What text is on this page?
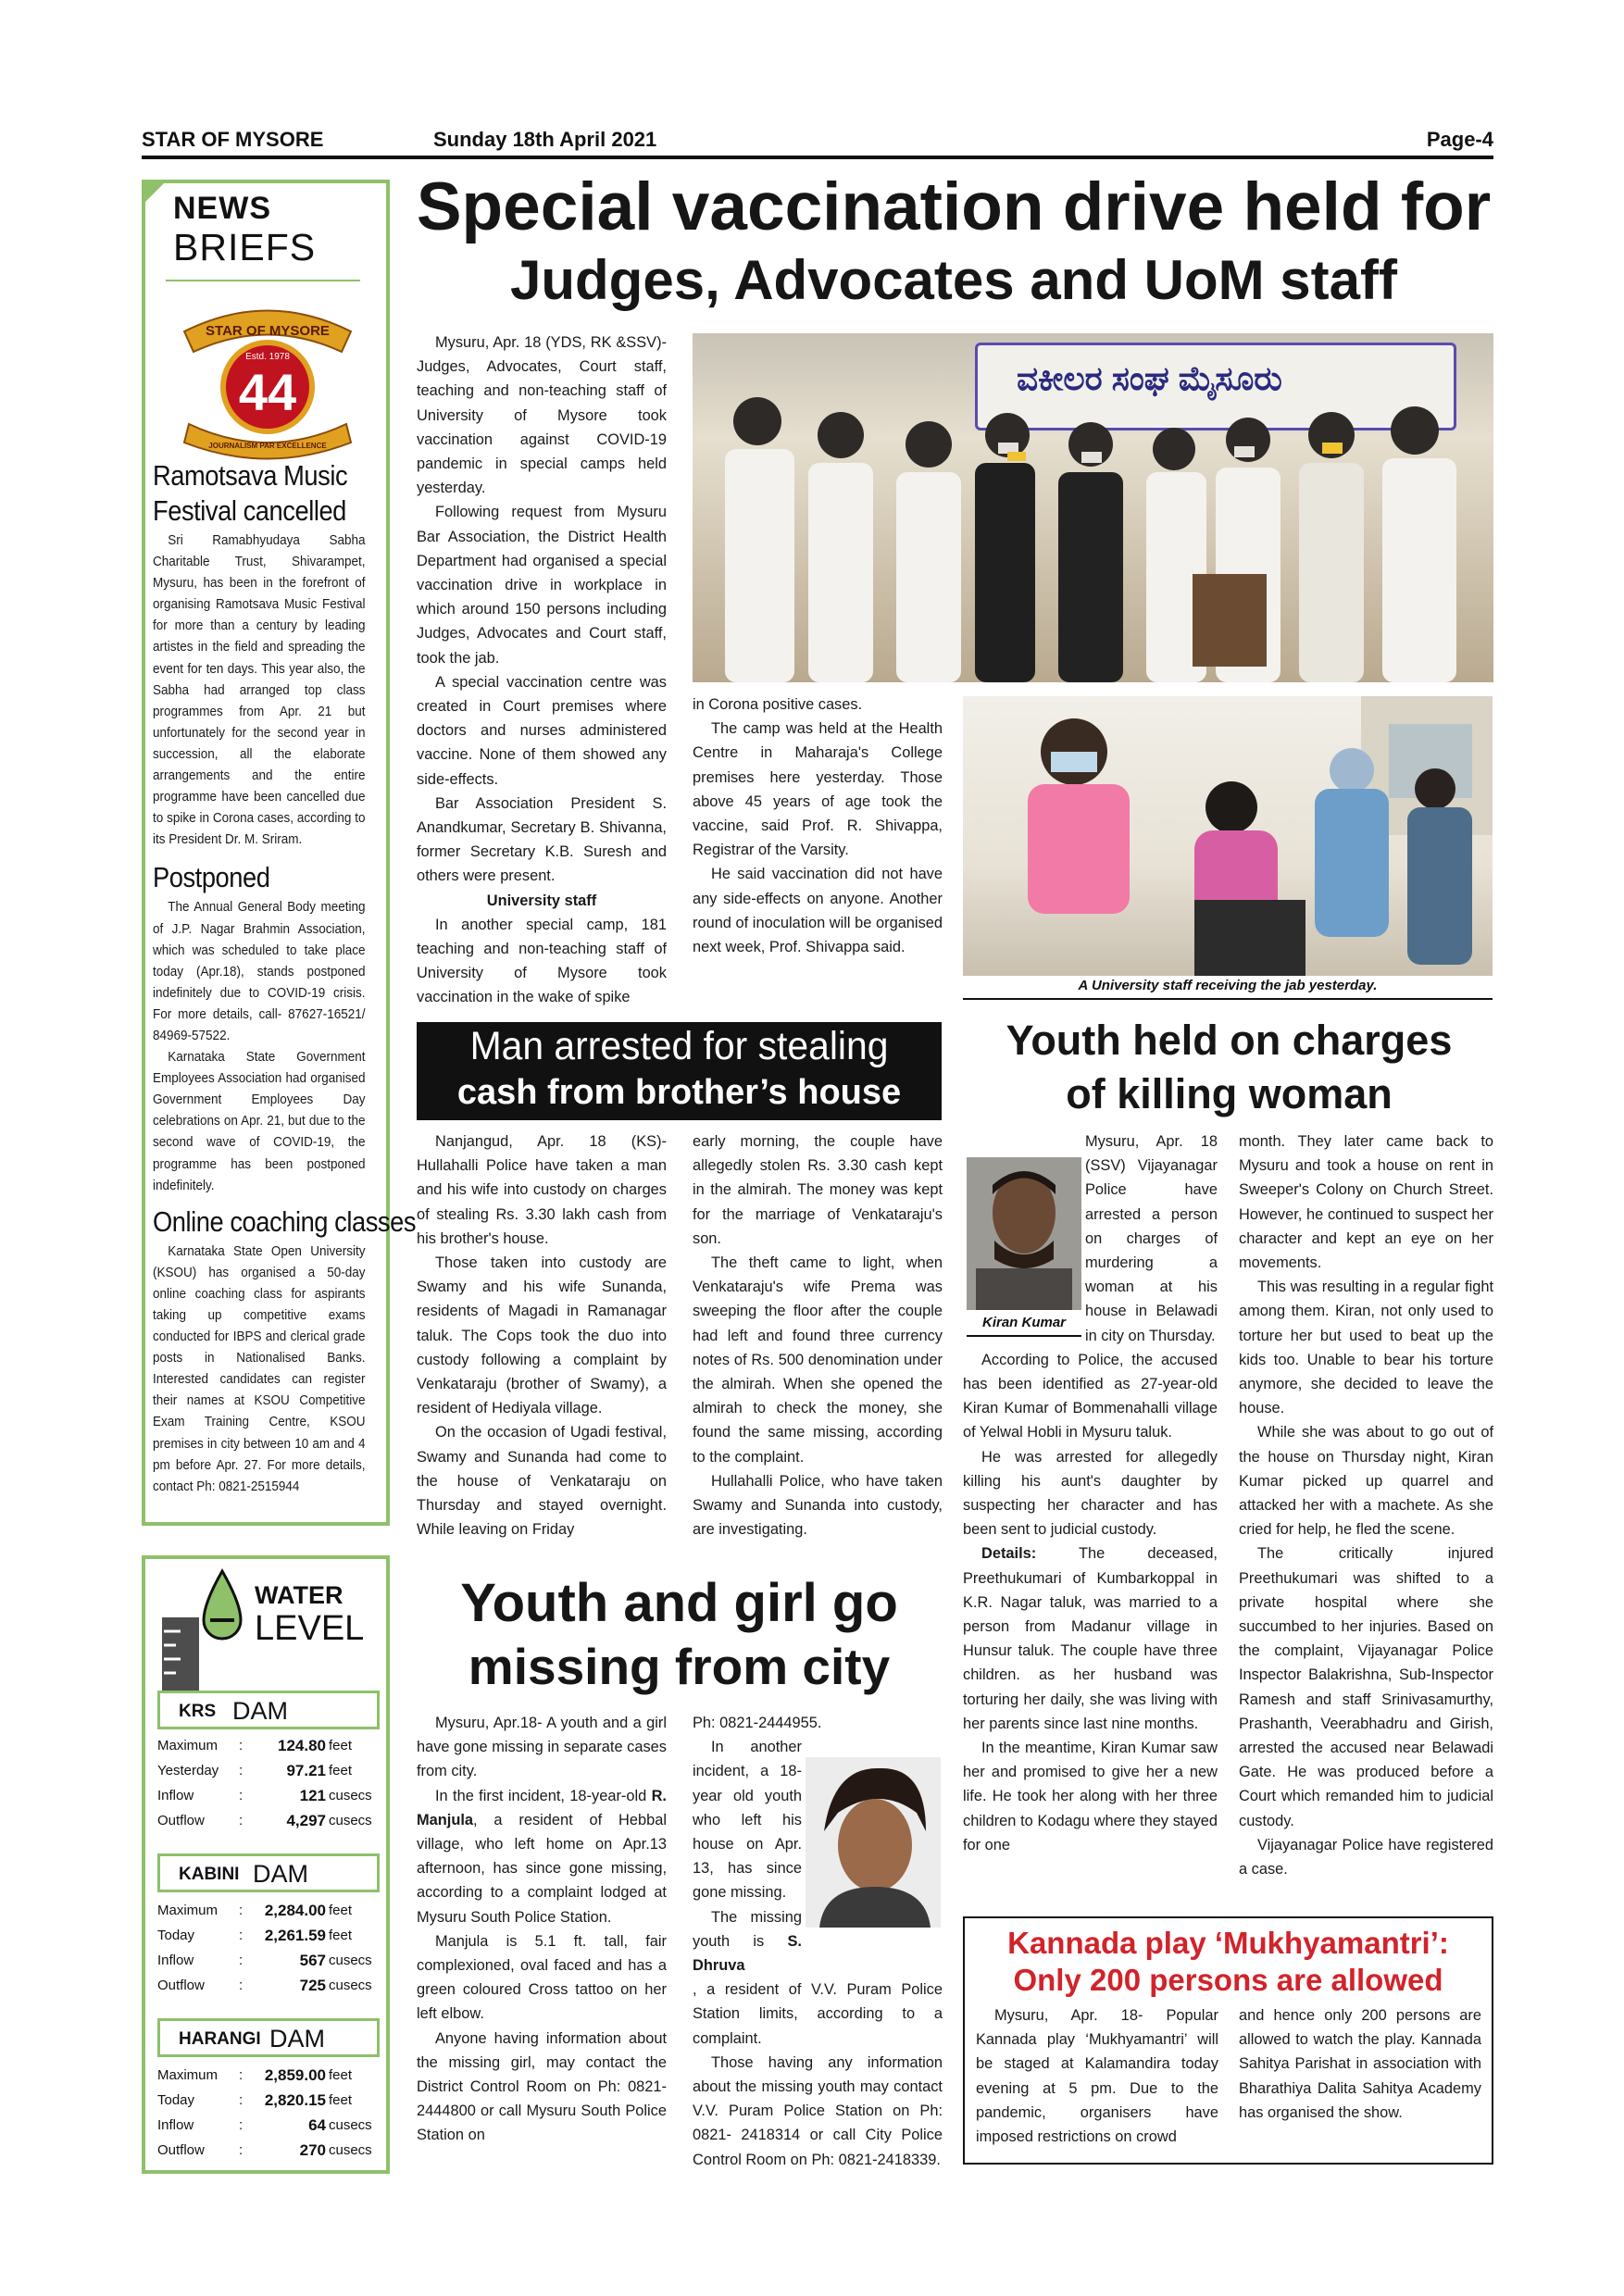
STAR OF MYSORE	Sunday 18th April 2021	Page-4
NEWS
BRIEFS
STAR OF MYSORE
Estd. 1978
44
JOURNALISM PAR EXCELLENCE
Ramotsava Music
Festival cancelled

Sri Ramabhyudaya Sabha Charitable Trust, Shivarampet, Mysuru, has been in the forefront of organising Ramotsava Music Festival for more than a century by leading artistes in the field and spreading the event for ten days. This year also, the Sabha had arranged top class programmes from Apr. 21 but unfortunately for the second year in succession, all the elaborate arrangements and the entire programme have been cancelled due to spike in Corona cases, according to its President Dr. M. Sriram.

Postponed

The Annual General Body meeting of J.P. Nagar Brahmin Association, which was scheduled to take place today (Apr.18), stands postponed indefinitely due to COVID-19 crisis. For more details, call- 87627-16521/ 84969-57522.

Karnataka State Government Employees Association had organised Government Employees Day celebrations on Apr. 21, but due to the second wave of COVID-19, the programme has been postponed indefinitely.

Online coaching classes

Karnataka State Open University (KSOU) has organised a 50-day online coaching class for aspirants taking up competitive exams conducted for IBPS and clerical grade posts in Nationalised Banks. Interested candidates can register their names at KSOU Competitive Exam Training Centre, KSOU premises in city between 10 am and 4 pm before Apr. 27. For more details, contact Ph: 0821-2515944

WATER
LEVEL
KRS DAM
Maximum : 124.80 feet
Yesterday :	97.21 feet
Inflow	:	121 cusecs
Outflow :	4,297 cusecs
KABINI DAM
Maximum : 2,284.00 feet
Today	: 2,261.59 feet
Inflow	:	567 cusecs
Outflow :	725 cusecs
HARANGI DAM
Maximum : 2,859.00 feet
Today	: 2,820.15 feet
Inflow	:	64 cusecs
Outflow :	270 cusecs
Special vaccination drive held for
Judges, Advocates and UoM staff

Mysuru, Apr. 18 (YDS, RK &SSV)- Judges, Advocates, Court staff, teaching and non-teaching staff of University of Mysore took vaccination against COVID-19 pandemic in special camps held yesterday.

Following request from Mysuru Bar Association, the District Health Department had organised a special vaccination drive in workplace in which around 150 persons including Judges, Advocates and Court staff, took the jab.

A special vaccination centre was created in Court premises where doctors and nurses administered vaccine. None of them showed any side-effects.

Bar Association President S. Anandkumar, Secretary B. Shivanna, former Secretary K.B. Suresh and others were present.

University staff

In another special camp, 181 teaching and non-teaching staff of University of Mysore took vaccination in the wake of spike

ವಕೀಲರ ಸಂಘ ಮೈಸೂರು
in Corona positive cases.

The camp was held at the Health Centre in Maharaja's College premises here yesterday. Those above 45 years of age took the vaccine, said Prof. R. Shivappa, Registrar of the Varsity.

He said vaccination did not have any side-effects on anyone. Another round of inoculation will be organised next week, Prof. Shivappa said.

A University staff receiving the jab yesterday.
Man arrested for stealing
cash from brother’s house

Nanjangud, Apr. 18 (KS)- Hullahalli Police have taken a man and his wife into custody on charges of stealing Rs. 3.30 lakh cash from his brother's house.

Those taken into custody are Swamy and his wife Sunanda, residents of Magadi in Ramanagar taluk. The Cops took the duo into custody following a complaint by Venkataraju (brother of Swamy), a resident of Hediyala village.

On the occasion of Ugadi festival, Swamy and Sunanda had come to the house of Venkataraju on Thursday and stayed overnight. While leaving on Friday

early morning, the couple have allegedly stolen Rs. 3.30 cash kept in the almirah. The money was kept for the marriage of Venkataraju's son.

The theft came to light, when Venkataraju's wife Prema was sweeping the floor after the couple had left and found three currency notes of Rs. 500 denomination under the almirah. When she opened the almirah to check the money, she found the same missing, according to the complaint.

Hullahalli Police, who have taken Swamy and Sunanda into custody, are investigating.

Youth held on charges
of killing woman
Kiran Kumar
Mysuru, Apr. 18 (SSV) Vijayanagar Police have arrested a person on charges of murdering a woman at his house in Belawadi in city on Thursday.

According to Police, the accused has been identified as 27-year-old Kiran Kumar of Bommenahalli village of Yelwal Hobli in Mysuru taluk.

He was arrested for allegedly killing his aunt's daughter by suspecting her character and has been sent to judicial custody.

Details:	The deceased, Preethukumari of Kumbarkoppal in K.R. Nagar taluk, was married to a person from Madanur village in Hunsur taluk. The couple have three children. as her husband was torturing her daily, she was living with her parents since last nine months.

In the meantime, Kiran Kumar saw her and promised to give her a new life. He took her along with her three children to Kodagu where they stayed for one

month. They later came back to Mysuru and took a house on rent in Sweeper's Colony on Church Street. However, he continued to suspect her character and kept an eye on her movements.

This was resulting in a regular fight among them. Kiran, not only used to torture her but used to beat up the kids too. Unable to bear his torture anymore, she decided to leave the house.

While she was about to go out of the house on Thursday night, Kiran Kumar picked up quarrel and attacked her with a machete. As she cried for help, he fled the scene.

The critically injured Preethukumari was shifted to a private hospital where she succumbed to her injuries. Based on the complaint, Vijayanagar Police Inspector Balakrishna, Sub-Inspector Ramesh and staff Srinivasamurthy, Prashanth, Veerabhadru and Girish, arrested the accused near Belawadi Gate. He was produced before a Court which remanded him to judicial custody.

Vijayanagar Police have registered a case.

Youth and girl go
missing from city

Mysuru, Apr.18- A youth and a girl have gone missing in separate cases from city.

In the first incident, 18-year-old R. Manjula, a resident of Hebbal village, who left home on Apr.13 afternoon, has since gone missing, according to a complaint lodged at Mysuru South Police Station.

Manjula is 5.1 ft. tall, fair complexioned, oval faced and has a green coloured Cross tattoo on her left elbow.

Anyone having information about the missing girl, may contact the District Control Room on Ph: 0821- 2444800 or call Mysuru South Police Station on

Ph: 0821-2444955.

In another incident, a 18-year old youth who left his house on Apr. 13, has since gone missing.

The missing youth is S. Dhruva

, a resident of V.V. Puram Police Station limits, according to a complaint.

Those having any information about the missing youth may contact V.V. Puram Police Station on Ph: 0821- 2418314 or call City Police Control Room on Ph: 0821-2418339.

Kannada play ‘Mukhyamantri’:
Only 200 persons are allowed

Mysuru, Apr. 18- Popular Kannada play ‘Mukhyamantri’ will be staged at Kalamandira today evening at 5 pm. Due to the pandemic, organisers have imposed restrictions on crowd

and hence only 200 persons are allowed to watch the play. Kannada Sahitya Parishat in association with Bharathiya Dalita Sahitya Academy has organised the show.
